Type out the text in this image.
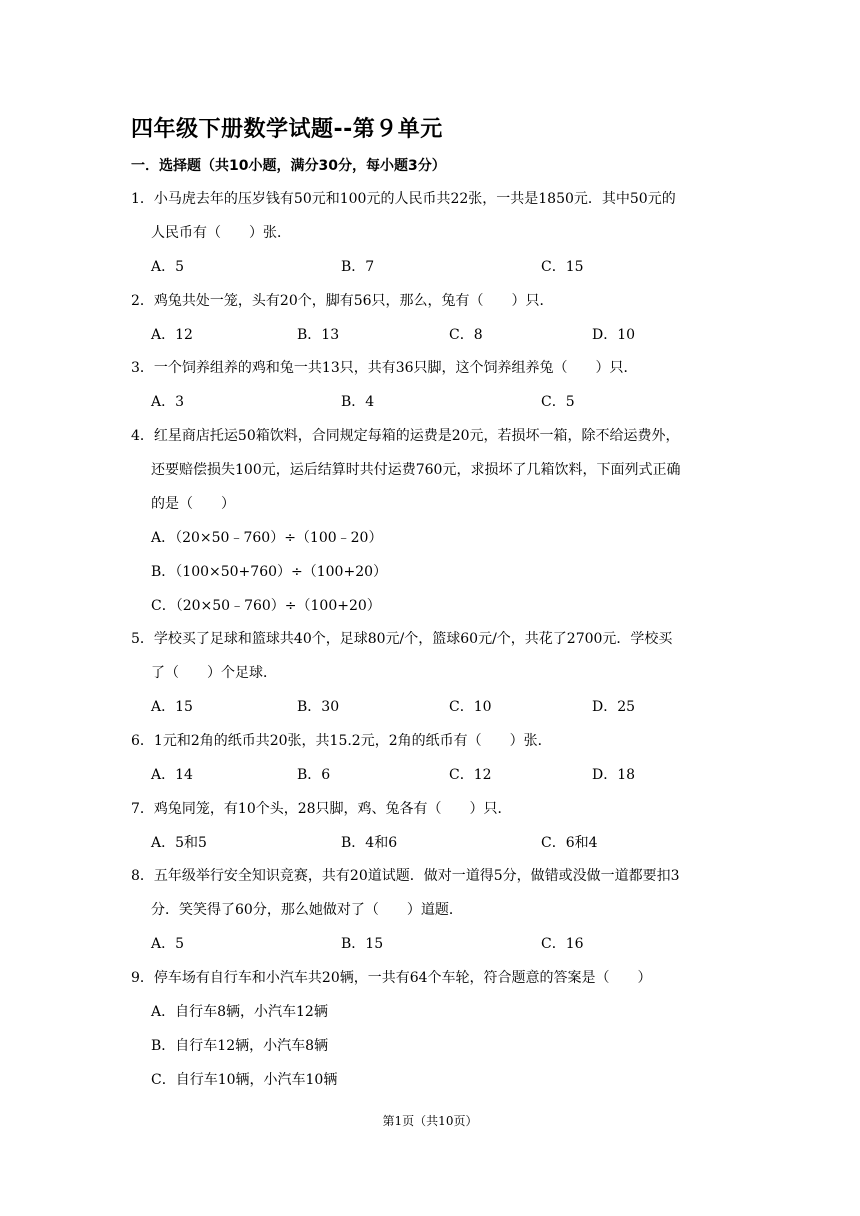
四年级下册数学试题--第９单元
一．选择题（共10小题，满分30分，每小题3分）
1．小马虎去年的压岁钱有50元和100元的人民币共22张，一共是1850元．其中50元的
人民币有（　　）张．
A．5	B．7	C．15
2．鸡兔共处一笼，头有20个，脚有56只，那么，兔有（　　）只．
A．12	B．13	C．8	D．10
3．一个饲养组养的鸡和兔一共13只，共有36只脚，这个饲养组养兔（　　）只．
A．3	B．4	C．5
4．红星商店托运50箱饮料，合同规定每箱的运费是20元，若损坏一箱，除不给运费外，
还要赔偿损失100元，运后结算时共付运费760元，求损坏了几箱饮料，下面列式正确
的是（　　）
A．（20×50﹣760）÷（100﹣20）
B．（100×50+760）÷（100+20）
C．（20×50﹣760）÷（100+20）
5．学校买了足球和篮球共40个，足球80元/个，篮球60元/个，共花了2700元．学校买
了（　　）个足球．
A．15	B．30	C．10	D．25
6．1元和2角的纸币共20张，共15.2元，2角的纸币有（　　）张．
A．14	B．6	C．12	D．18
7．鸡兔同笼，有10个头，28只脚，鸡、兔各有（　　）只．
A．5和5	B．4和6	C．6和4
8．五年级举行安全知识竞赛，共有20道试题．做对一道得5分，做错或没做一道都要扣3
分．笑笑得了60分，那么她做对了（　　）道题．
A．5	B．15	C．16
9．停车场有自行车和小汽车共20辆，一共有64个车轮，符合题意的答案是（　　）
A．自行车8辆，小汽车12辆
B．自行车12辆，小汽车8辆
C．自行车10辆，小汽车10辆
第1页（共10页）
